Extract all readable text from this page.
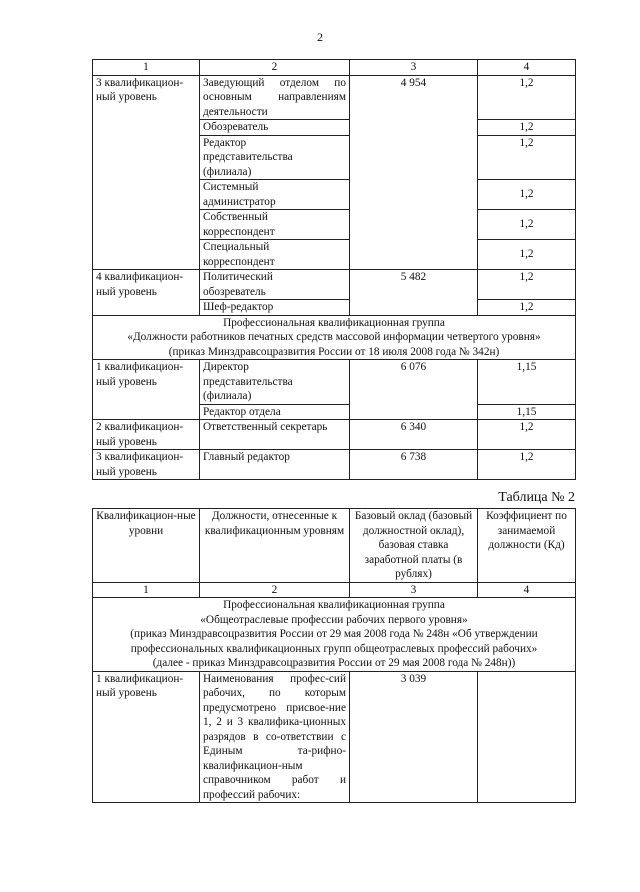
2
1	2	3	4
3 квалификацион-ный уровень	Заведующий отделом по основным направлениям деятельности	4 954	1,2
	Обозреватель		1,2
	Редактор представительства (филиала)		1,2
	Системный администратор		1,2
	Собственный корреспондент		1,2
	Специальный корреспондент		1,2
4 квалификацион-ный уровень	Политический обозреватель	5 482	1,2
	Шеф-редактор		1,2

Профессиональная квалификационная группа
«Должности работников печатных средств массовой информации четвертого уровня»
(приказ Минздравсоцразвития России от 18 июля 2008 года № 342н)			

1 квалификацион-ный уровень	Директор представительства (филиала)	6 076	1,15
	Редактор отдела		1,15
2 квалификацион-ный уровень	Ответственный секретарь	6 340	1,2
3 квалификацион-ный уровень	Главный редактор	6 738	1,2
Таблица № 2
Квалификацион-ные уровни	Должности, отнесенные к квалификационным уровням	Базовый оклад (базовый должностной оклад), базовая ставка заработной платы (в рублях)	Коэффициент по занимаемой должности (Кд)
1	2	3	4

Профессиональная квалификационная группа
«Общеотраслевые профессии рабочих первого уровня»
(приказ Минздравсоцразвития России от 29 мая 2008 года № 248н «Об утверждении профессиональных квалификационных групп общеотраслевых профессий рабочих»
(далее - приказ Минздравсоцразвития России от 29 мая 2008 года № 248н))			

1 квалификацион-ный уровень	Наименования профес-сий рабочих, по которым предусмотрено присвое-ние 1, 2 и 3 квалифика-ционных разрядов в со-ответствии с Единым та-рифно-квалификацион-ным справочником работ и профессий рабочих:	3 039	
